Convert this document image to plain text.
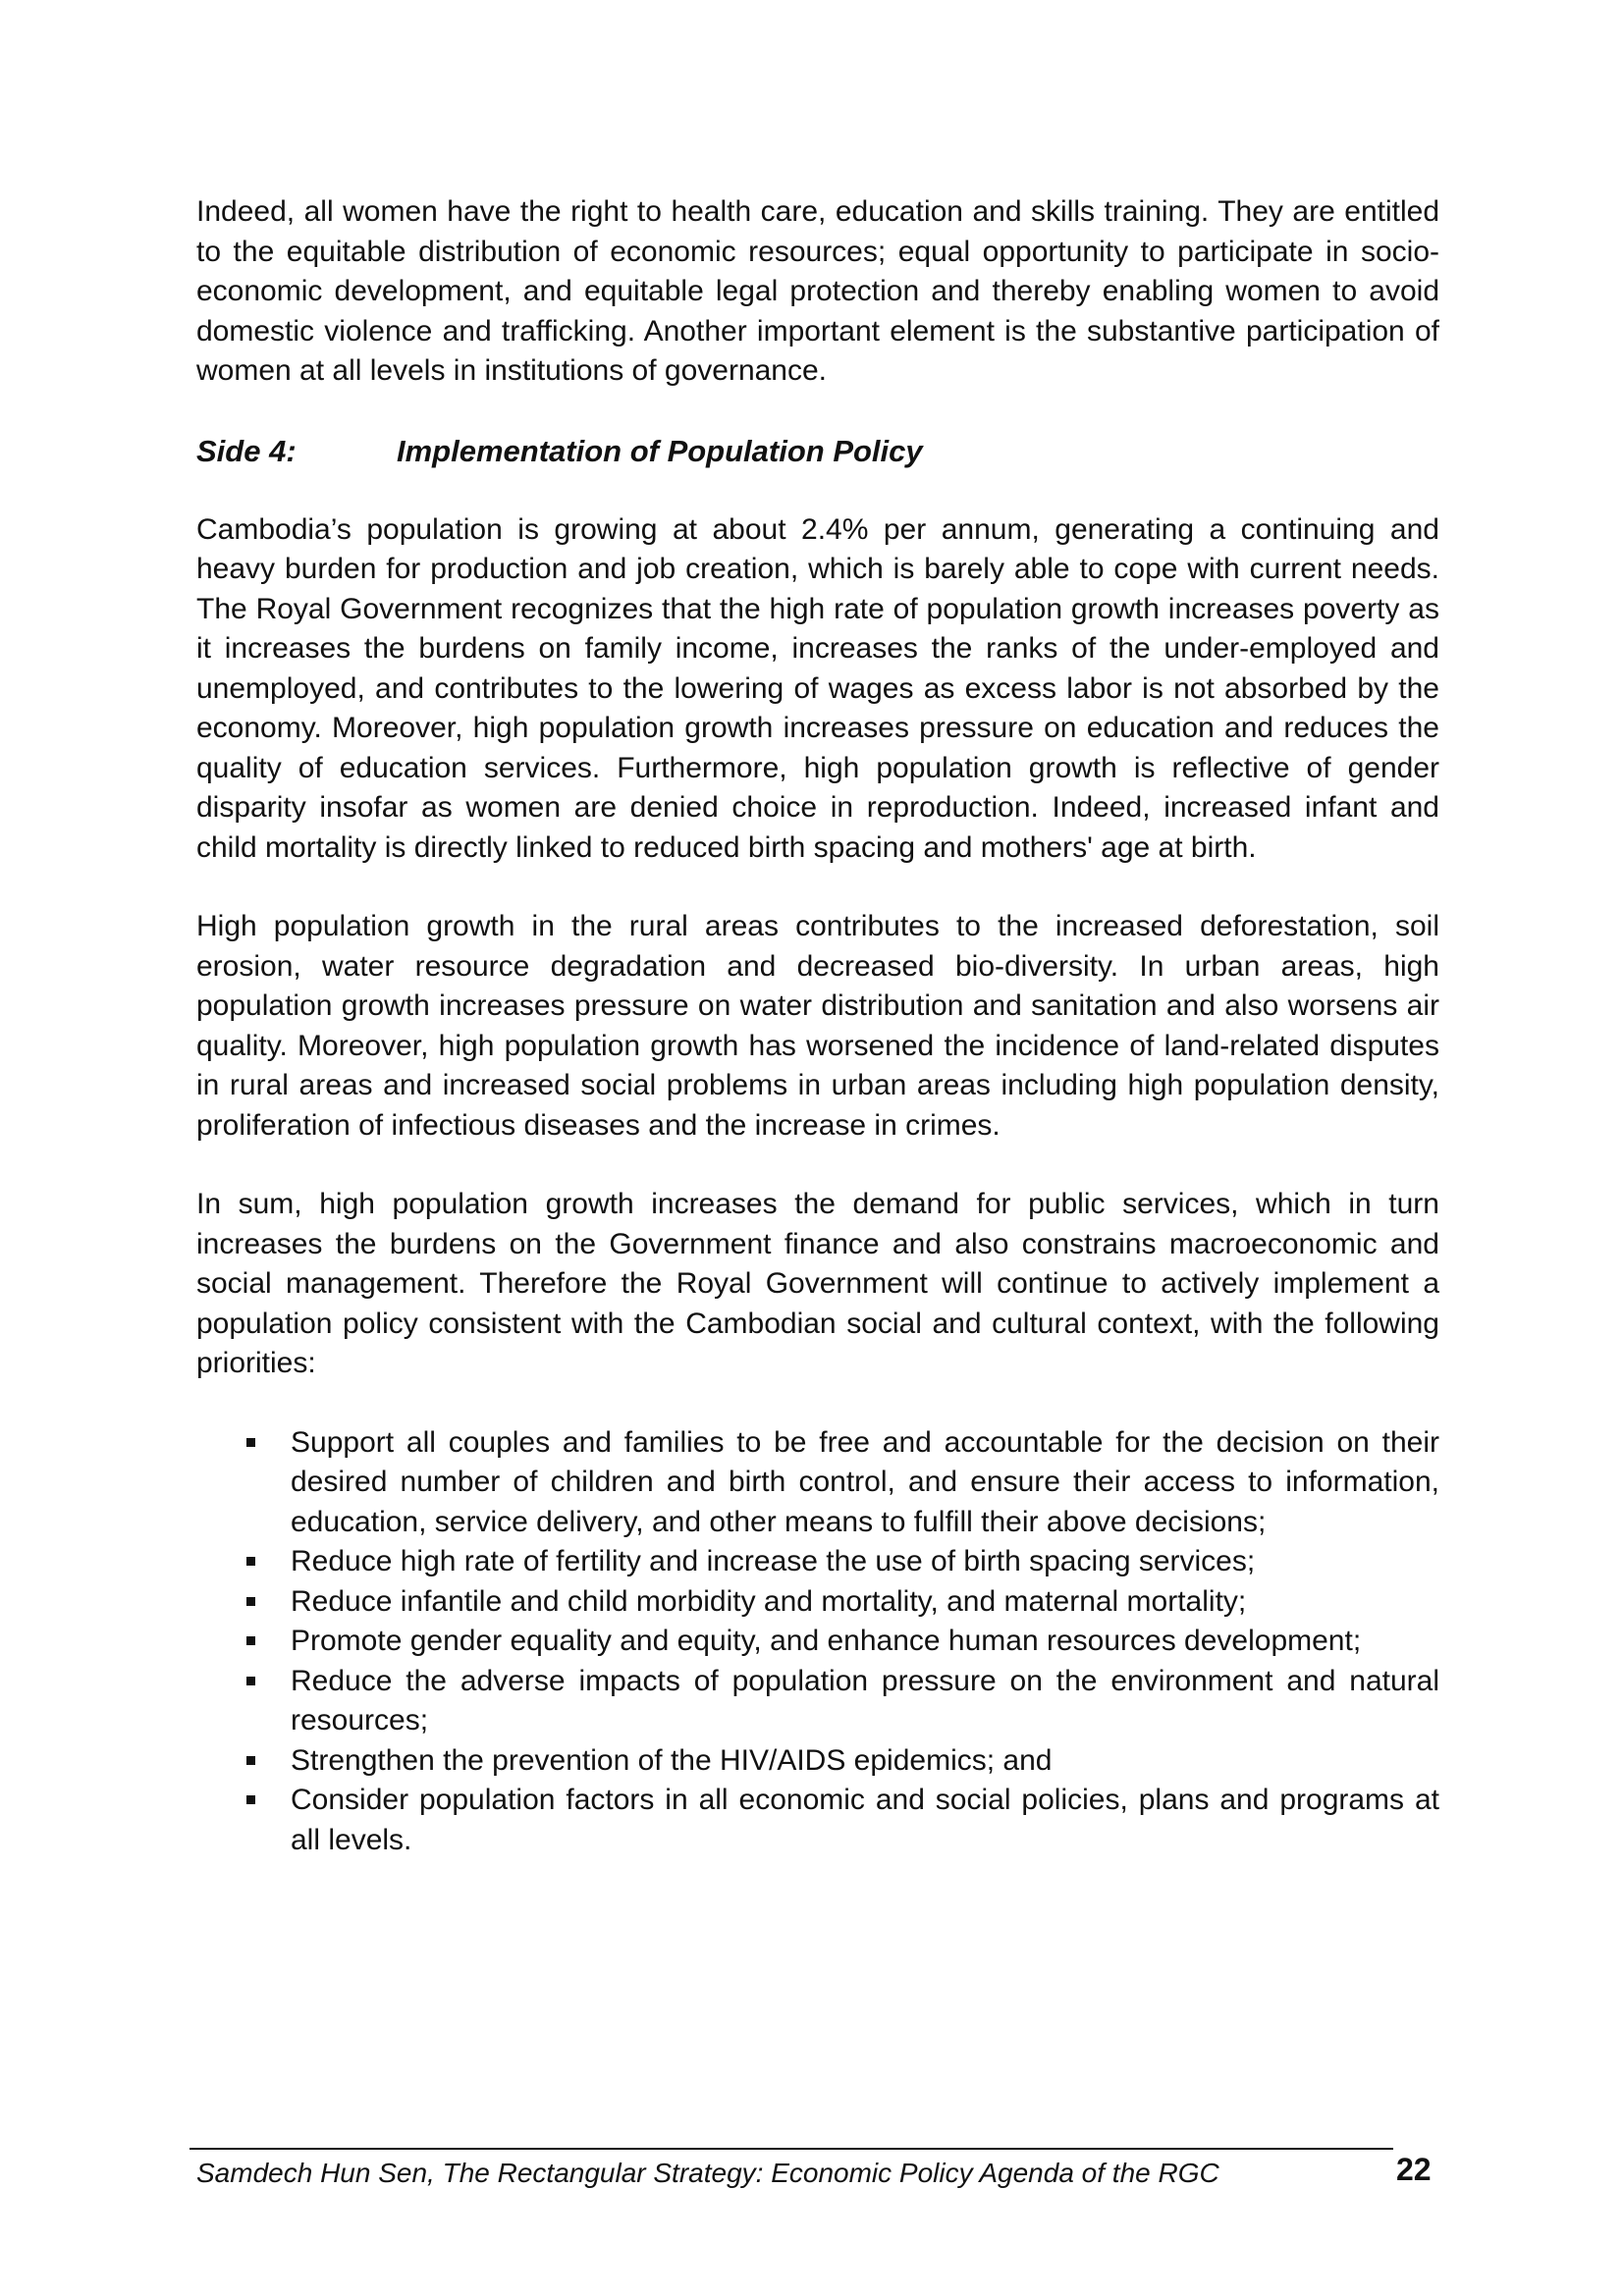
Indeed, all women have the right to health care, education and skills training. They are entitled to the equitable distribution of economic resources; equal opportunity to participate in socio-economic development, and equitable legal protection and thereby enabling women to avoid domestic violence and trafficking. Another important element is the substantive participation of women at all levels in institutions of governance.

Side 4:	Implementation of Population Policy

Cambodia’s population is growing at about 2.4% per annum, generating a continuing and heavy burden for production and job creation, which is barely able to cope with current needs. The Royal Government recognizes that the high rate of population growth increases poverty as it increases the burdens on family income, increases the ranks of the under-employed and unemployed, and contributes to the lowering of wages as excess labor is not absorbed by the economy. Moreover, high population growth increases pressure on education and reduces the quality of education services. Furthermore, high population growth is reflective of gender disparity insofar as women are denied choice in reproduction. Indeed, increased infant and child mortality is directly linked to reduced birth spacing and mothers' age at birth.

High population growth in the rural areas contributes to the increased deforestation, soil erosion, water resource degradation and decreased bio-diversity. In urban areas, high population growth increases pressure on water distribution and sanitation and also worsens air quality. Moreover, high population growth has worsened the incidence of land-related disputes in rural areas and increased social problems in urban areas including high population density, proliferation of infectious diseases and the increase in crimes.

In sum, high population growth increases the demand for public services, which in turn increases the burdens on the Government finance and also constrains macroeconomic and social management. Therefore the Royal Government will continue to actively implement a population policy consistent with the Cambodian social and cultural context, with the following priorities:

Support all couples and families to be free and accountable for the decision on their desired number of children and birth control, and ensure their access to information, education, service delivery, and other means to fulfill their above decisions;
Reduce high rate of fertility and increase the use of birth spacing services;
Reduce infantile and child morbidity and mortality, and maternal mortality;
Promote gender equality and equity, and enhance human resources development;
Reduce the adverse impacts of population pressure on the environment and natural resources;
Strengthen the prevention of the HIV/AIDS epidemics; and
Consider population factors in all economic and social policies, plans and programs at all levels.
Samdech Hun Sen, The Rectangular Strategy: Economic Policy Agenda of the RGC	22
